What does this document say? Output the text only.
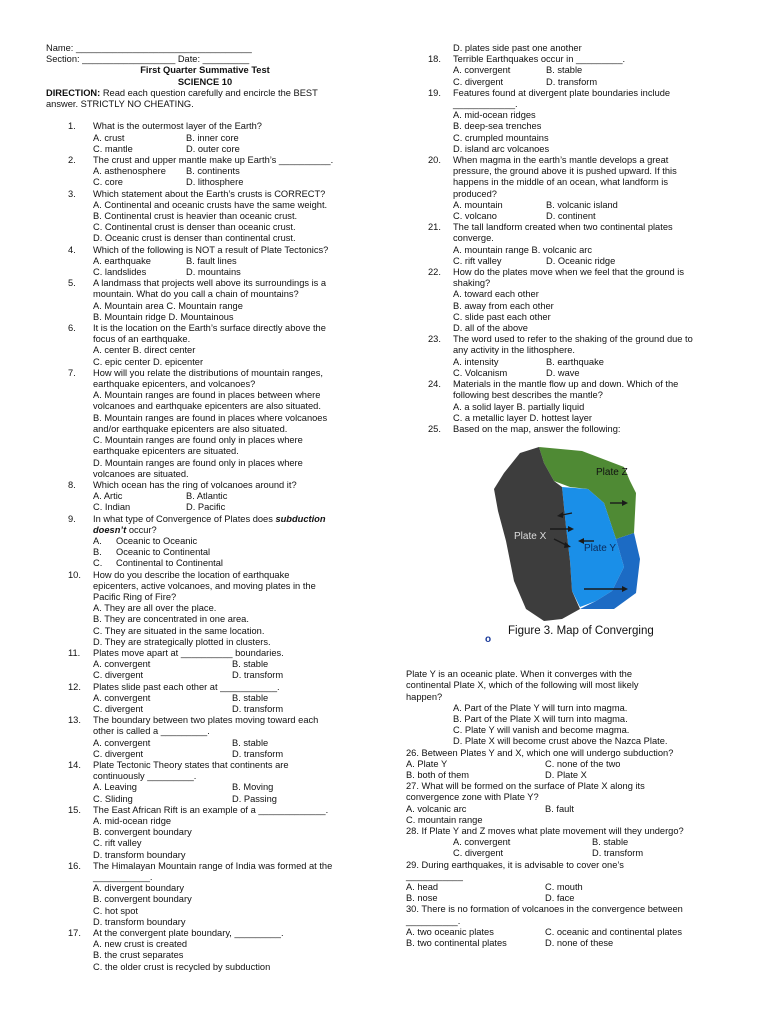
Name: __________________________________
Section: __________________ Date: _________
First Quarter Summative Test
SCIENCE 10
DIRECTION: Read each question carefully and encircle the BEST
answer. STRICTLY NO CHEATING.
1. What is the outermost layer of the Earth?
A. crust	B. inner core
C. mantle	D. outer core
2. The crust and upper mantle make up Earth’s __________.
A. asthenosphere	B. continents
C. core	D. lithosphere
3. Which statement about the Earth’s crusts is CORRECT?
A. Continental and oceanic crusts have the same weight.
B. Continental crust is heavier than oceanic crust.
C. Continental crust is denser than oceanic crust.
D. Oceanic crust is denser than continental crust.
4. Which of the following is NOT a result of Plate Tectonics?
A. earthquake	B. fault lines
C. landslides	D. mountains
5. A landmass that projects well above its surroundings is a
mountain. What do you call a chain of mountains?
A. Mountain area C. Mountain range
B. Mountain ridge D. Mountainous
6. It is the location on the Earth’s surface directly above the
focus of an earthquake.
A. center B. direct center
C. epic center D. epicenter
7. How will you relate the distributions of mountain ranges,
earthquake epicenters, and volcanoes?
A. Mountain ranges are found in places between where
volcanoes and earthquake epicenters are also situated.
B. Mountain ranges are found in places where volcanoes
and/or earthquake epicenters are also situated.
C. Mountain ranges are found only in places where
earthquake epicenters are situated.
D. Mountain ranges are found only in places where
volcanoes are situated.
8. Which ocean has the ring of volcanoes around it?
A. Artic	B. Atlantic
C. Indian	D. Pacific
9. In what type of Convergence of Plates does subduction
doesn’t occur?
A.	Oceanic to Oceanic
B.	Oceanic to Continental
C.	Continental to Continental
10. How do you describe the location of earthquake
epicenters, active volcanoes, and moving plates in the
Pacific Ring of Fire?
A. They are all over the place.
B. They are concentrated in one area.
C. They are situated in the same location.
D. They are strategically plotted in clusters.
11. Plates move apart at __________ boundaries.
A. convergent	B. stable
C. divergent	D. transform
12. Plates slide past each other at ___________.
A. convergent	B. stable
C. divergent	D. transform
13. The boundary between two plates moving toward each
other is called a _________.
A. convergent	B. stable
C. divergent	D. transform
14. Plate Tectonic Theory states that continents are
continuously _________.
A. Leaving	B. Moving
C. Sliding	D. Passing
15. The East African Rift is an example of a _____________.
A. mid-ocean ridge
B. convergent boundary
C. rift valley
D. transform boundary
16. The Himalayan Mountain range of India was formed at the
___________.
A. divergent boundary
B. convergent boundary
C. hot spot
D. transform boundary
17. At the convergent plate boundary, _________.
A. new crust is created
B. the crust separates
C. the older crust is recycled by subduction
D. plates side past one another
18. Terrible Earthquakes occur in _________.
A. convergent	B. stable
C. divergent	D. transform
19. Features found at divergent plate boundaries include
____________.
A. mid-ocean ridges
B. deep-sea trenches
C. crumpled mountains
D. island arc volcanoes
20. When magma in the earth’s mantle develops a great
pressure, the ground above it is pushed upward. If this
happens in the middle of an ocean, what landform is
produced?
A. mountain	B. volcanic island
C. volcano	D. continent
21. The tall landform created when two continental plates
converge.
A. mountain range B. volcanic arc
C. rift valley	D. Oceanic ridge
22. How do the plates move when we feel that the ground is
shaking?
A. toward each other
B. away from each other
C. slide past each other
D. all of the above
23. The word used to refer to the shaking of the ground due to
any activity in the lithosphere.
A. intensity	B. earthquake
C. Volcanism	D. wave
24. Materials in the mantle flow up and down. Which of the
following best describes the mantle?
A. a solid layer B. partially liquid
C. a metallic layer D. hottest layer
25. Based on the map, answer the following:
Plate Z
Plate X
Plate Y
Figure 3. Map of Converging
o
Plate Y is an oceanic plate. When it converges with the
continental Plate X, which of the following will most likely
happen?
A. Part of the Plate Y will turn into magma.
B. Part of the Plate X will turn into magma.
C. Plate Y will vanish and become magma.
D. Plate X will become crust above the Nazca Plate.
26. Between Plates Y and X, which one will undergo subduction?
A. Plate Y	C. none of the two
B. both of them	D. Plate X
27. What will be formed on the surface of Plate X along its
convergence zone with Plate Y?
A. volcanic arc	B. fault
C. mountain range
28. If Plate Y and Z moves what plate movement will they undergo?
A. convergent	B. stable
C. divergent	D. transform
29. During earthquakes, it is advisable to cover one’s
___________
A. head	C. mouth
B. nose	D. face
30. There is no formation of volcanoes in the convergence between
__________.
A. two oceanic plates	C. oceanic and continental plates
B. two continental plates	D. none of these
